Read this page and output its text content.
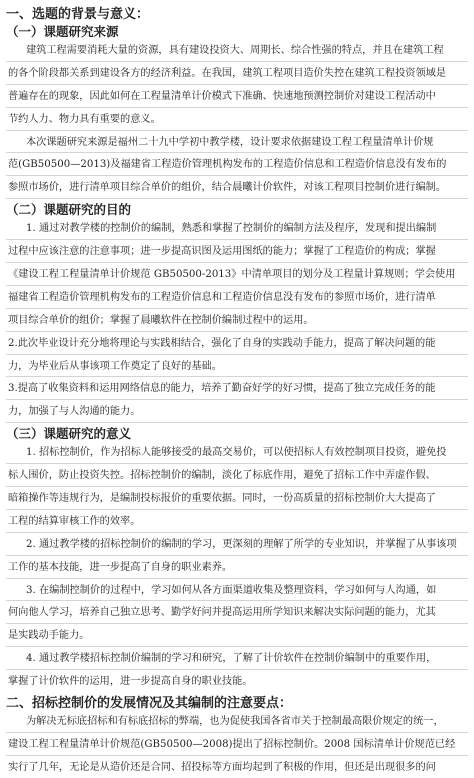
一、选题的背景与意义：
（一）课题研究来源
建筑工程需要消耗大量的资源，具有建设投资大、周期长、综合性强的特点，并且在建筑工程
的各个阶段都关系到建设各方的经济利益。在我国，建筑工程项目造价失控在建筑工程投资领域是
普遍存在的现象，因此如何在工程量清单计价模式下准确、快速地预测控制价对建设工程活动中
节约人力、物力具有重要的意义。
本次课题研究来源是福州二十九中学初中教学楼，设计要求依据建设工程工程量清单计价规
范(GB50500—2013)及福建省工程造价管理机构发布的工程造价信息和工程造价信息没有发布的
参照市场价，进行清单项目综合单价的组价，结合晨曦计价软件，对该工程项目控制价进行编制。
（二）课题研究的目的
1. 通过对教学楼的控制价的编制，熟悉和掌握了控制价的编制方法及程序，发现和提出编制
过程中应该注意的注意事项；进一步提高识图及运用图纸的能力；掌握了工程造价的构成；掌握
《建设工程工程量清单计价规范 GB50500-2013》中清单项目的划分及工程量计算规则；学会使用
福建省工程造价管理机构发布的工程造价信息和工程造价信息没有发布的参照市场价，进行清单
项目综合单价的组价；掌握了晨曦软件在控制价编制过程中的运用。
2.此次毕业设计充分地将理论与实践相结合，强化了自身的实践动手能力，提高了解决问题的能
力，为毕业后从事该项工作奠定了良好的基础。
3.提高了收集资料和运用网络信息的能力，培养了勤奋好学的好习惯，提高了独立完成任务的能
力，加强了与人沟通的能力。
（三）课题研究的意义
1. 招标控制价，作为招标人能够接受的最高交易价，可以使招标人有效控制项目投资，避免投
标人围价，防止投资失控。招标控制价的编制，淡化了标底作用，避免了招标工作中弄虚作假、
暗箱操作等违规行为，是编制投标报价的重要依据。同时，一份高质量的招标控制价大大提高了
工程的结算审核工作的效率。
2. 通过教学楼的招标控制价的编制的学习，更深刻的理解了所学的专业知识，并掌握了从事该项
工作的基本技能，进一步提高了自身的职业素养。
3. 在编制控制价的过程中，学习如何从各方面渠道收集及整理资料，学习如何与人沟通，如
何向他人学习，培养自己独立思考、勤学好问并提高运用所学知识来解决实际问题的能力，尤其
是实践动手能力。
4. 通过教学楼招标控制价编制的学习和研究，了解了计价软件在控制价编制中的重要作用，
掌握了计价软件的运用，进一步提高自身的职业技能。
二、招标控制价的发展情况及其编制的注意要点：
为解决无标底招标和有标底招标的弊端，也为促使我国各省市关于控制最高限价规定的统一，
建设工程工程量清单计价规范(GB50500—2008)提出了招标控制价。2008 国标清单计价规范已经
实行了几年，无论是从造价还是合同、招投标等方面均起到了积极的作用，但还是出现很多的问
